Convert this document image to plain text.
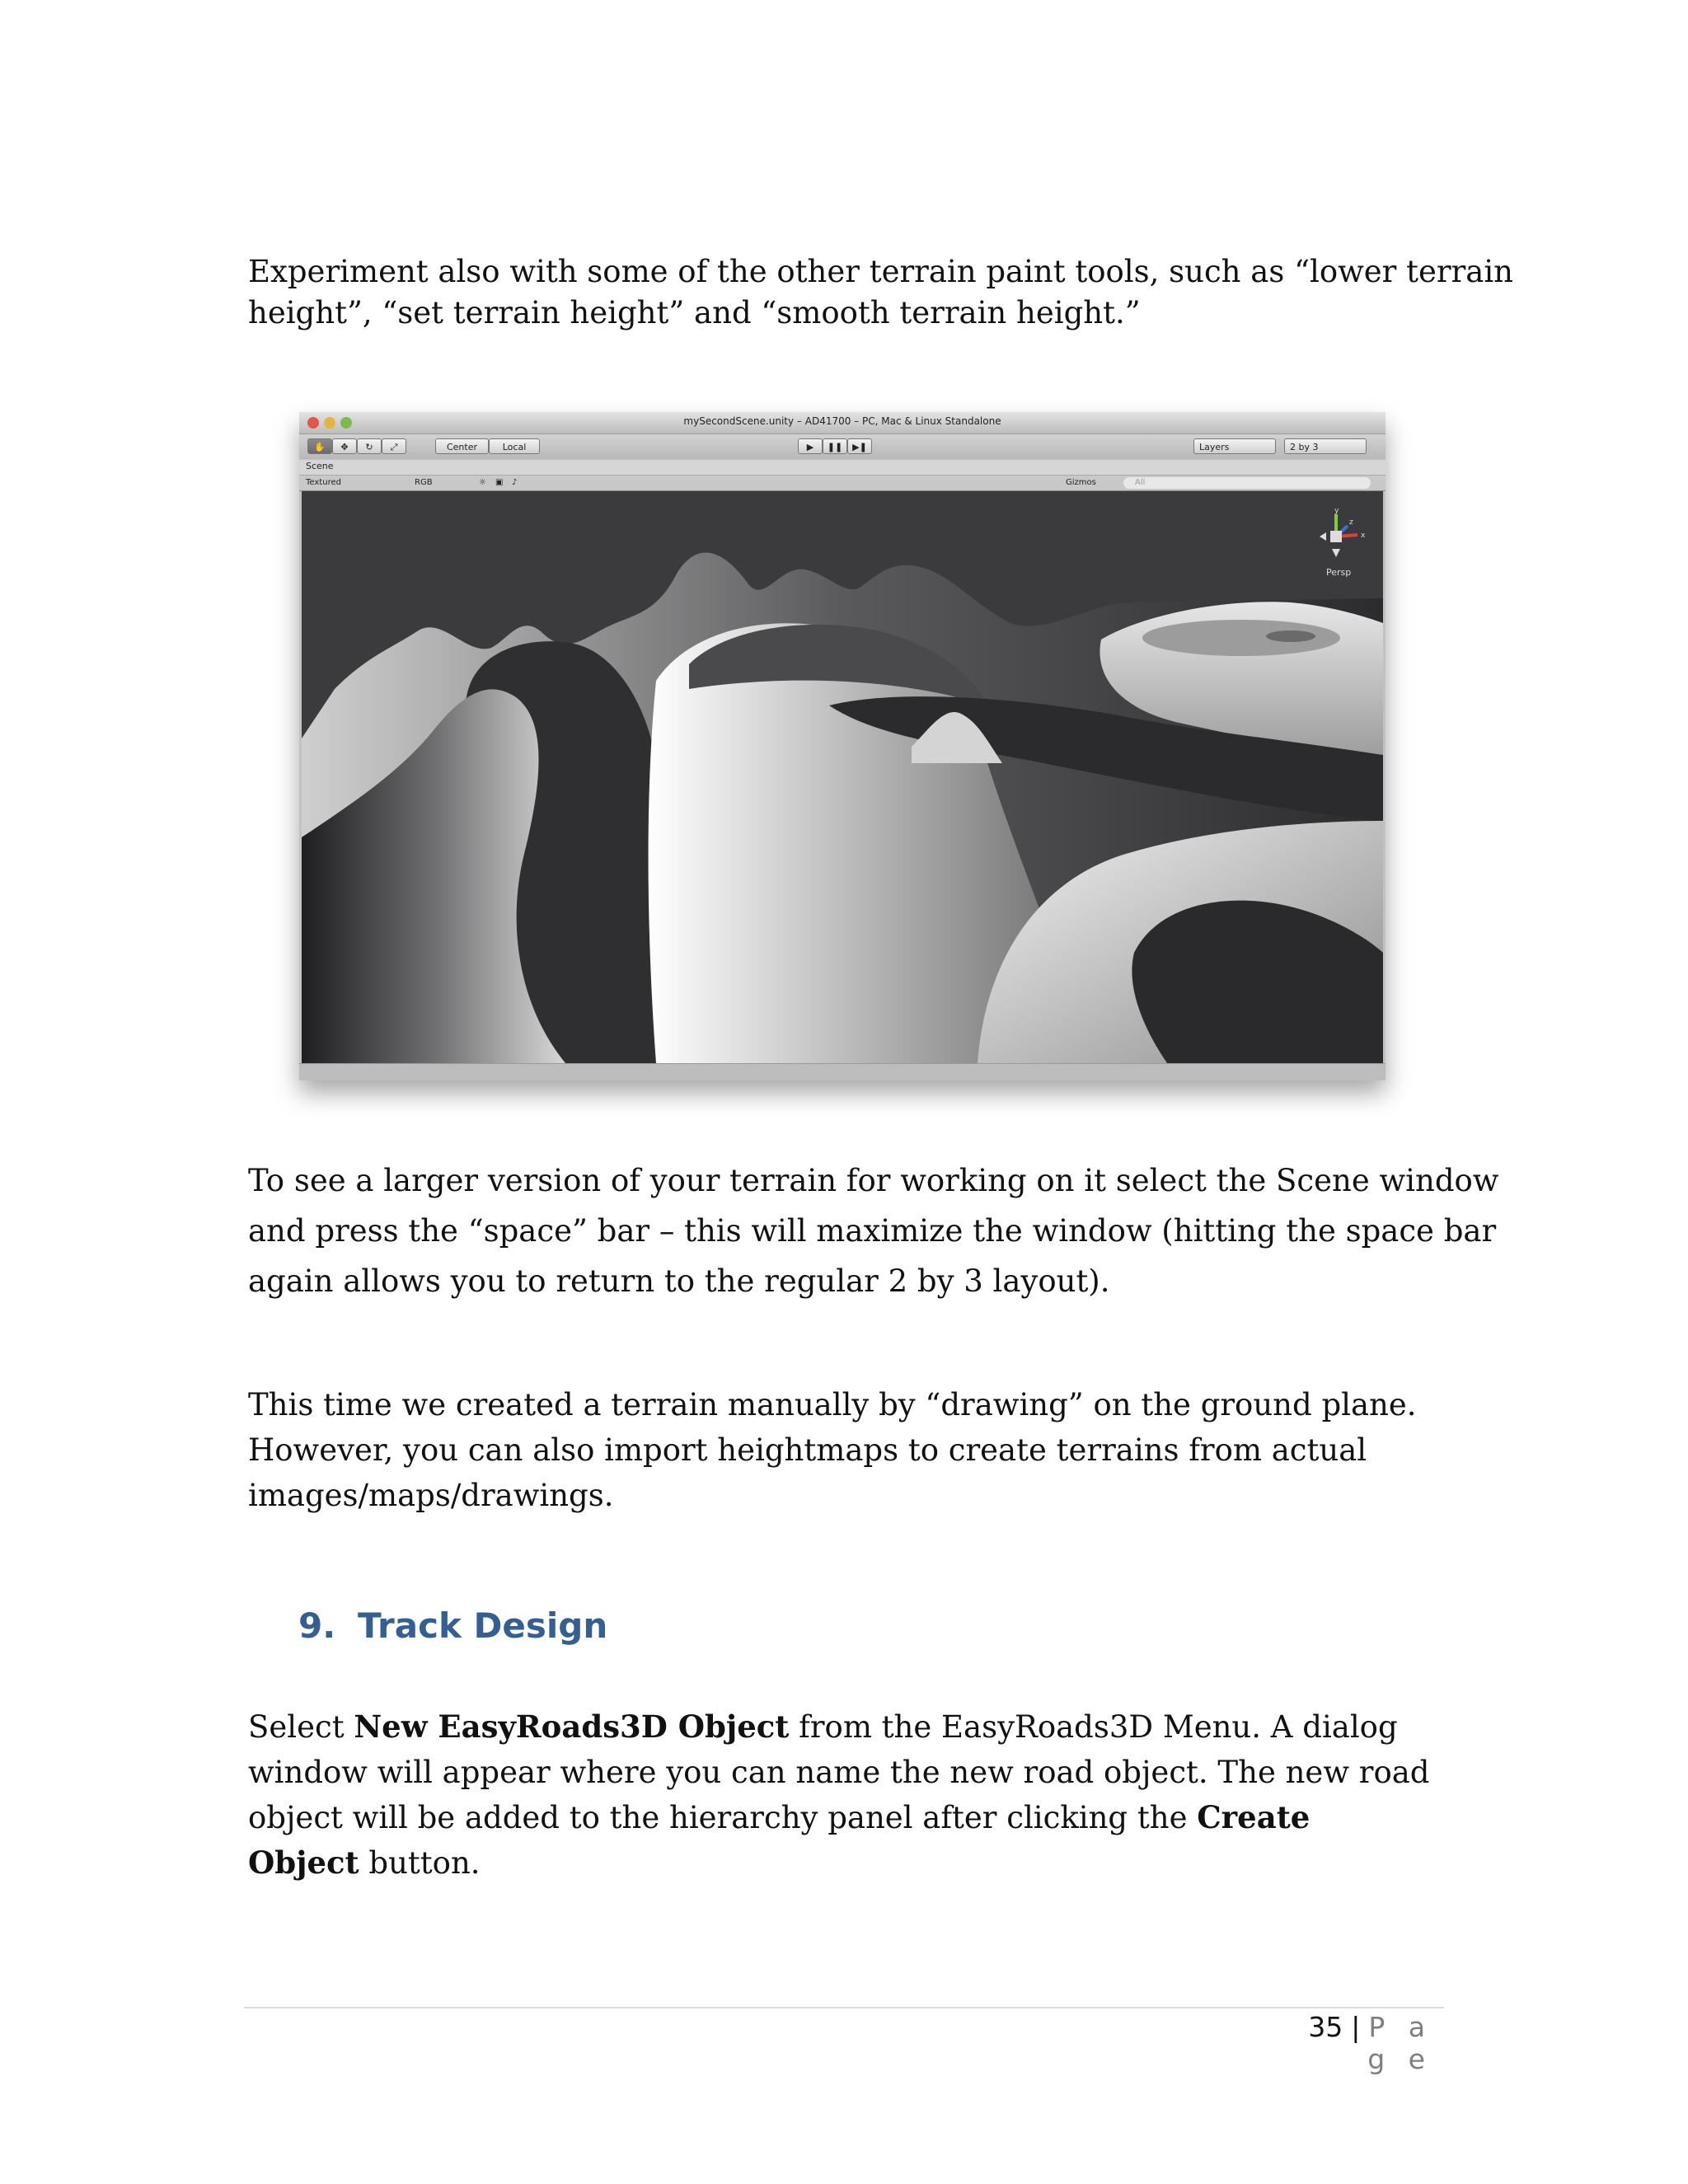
Experiment also with some of the other terrain paint tools, such as “lower terrain
height”, “set terrain height” and “smooth terrain height.”

mySecondScene.unity – AD41700 – PC, Mac & Linux Standalone
✋	✥	↻	⤢	Center	Local	▶	❚❚	▶❚	Layers	2 by 3
Scene
Textured	RGB	☼ ▣ ♪	Gizmos	All
y
x
z
Persp

To see a larger version of your terrain for working on it select the Scene window
and press the “space” bar – this will maximize the window (hitting the space bar
again allows you to return to the regular 2 by 3 layout).

This time we created a terrain manually by “drawing” on the ground plane.
However, you can also import heightmaps to create terrains from actual
images/maps/drawings.

9. Track Design

Select New EasyRoads3D Object from the EasyRoads3D Menu. A dialog
window will appear where you can name the new road object. The new road
object will be added to the hierarchy panel after clicking the Create
Object button.

35 | P a g e
